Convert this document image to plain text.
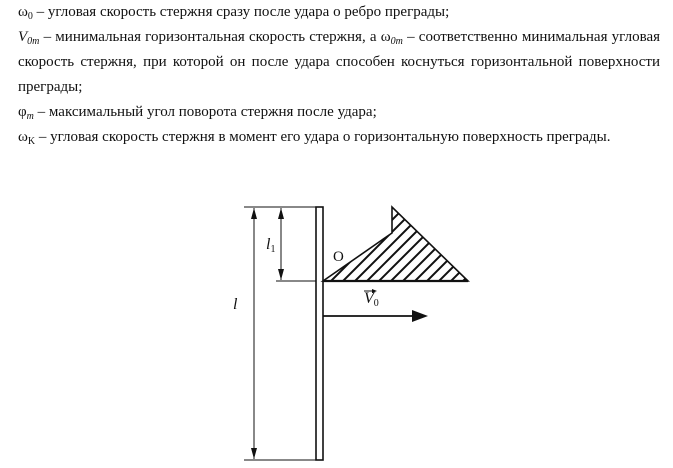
$\omega_0$ – угловая скорость стержня сразу после удара о ребро преграды;
$V_{0m}$ – минимальная горизонтальная скорость стержня, а $\omega_{0m}$ – соответственно минимальная угловая скорость стержня, при которой он после удара способен коснуться горизонтальной поверхности преграды;
$\varphi_m$ – максимальный угол поворота стержня после удара;
$\omega_K$ – угловая скорость стержня в момент его удара о горизонтальную поверхность преграды.
$l_1$
l
O
$V_0$
